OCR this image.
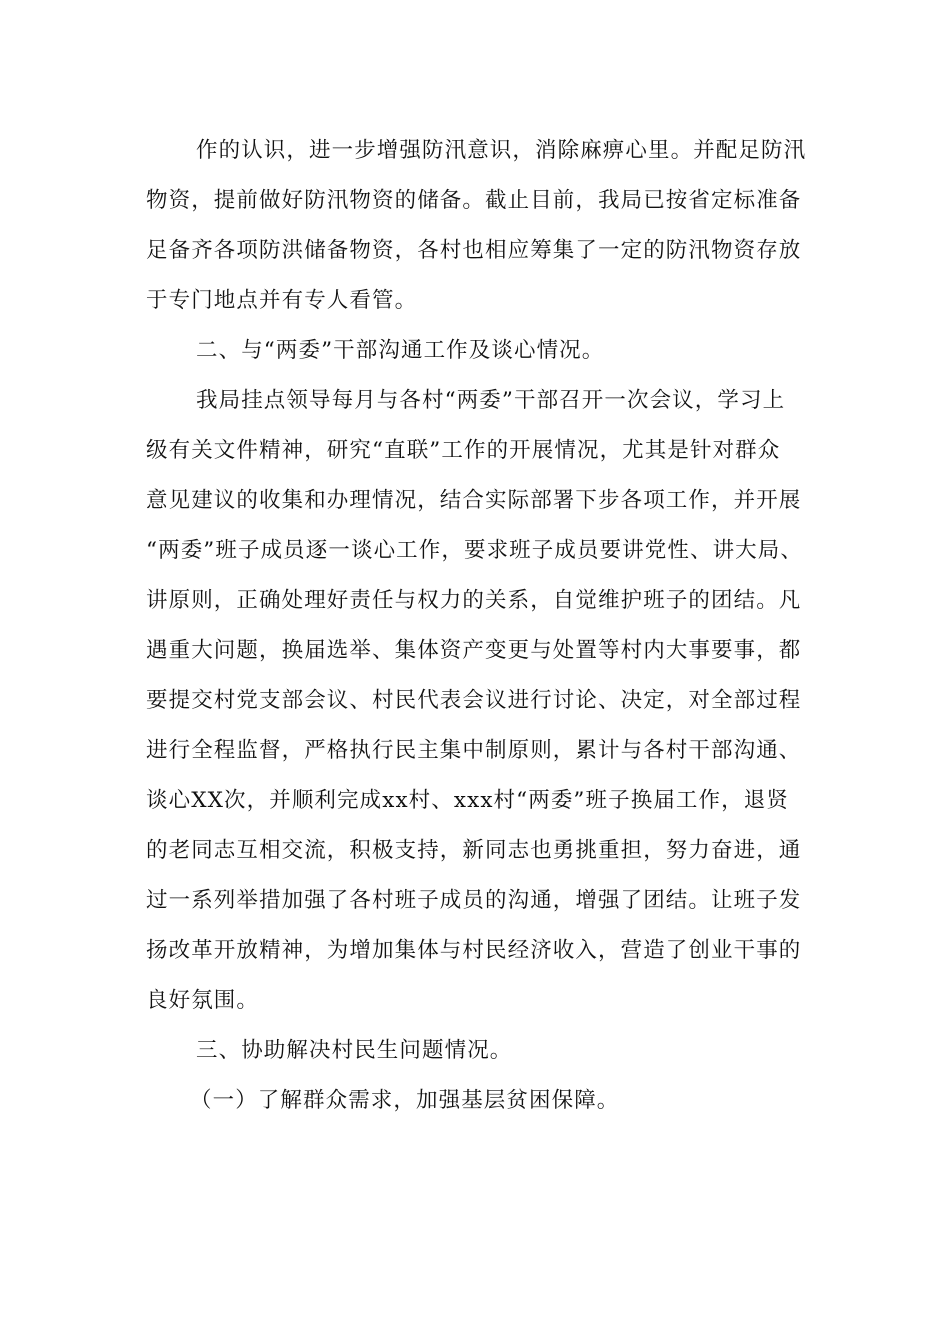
作的认识，进一步增强防汛意识，消除麻痹心里。并配足防汛
物资，提前做好防汛物资的储备。截止目前，我局已按省定标准备
足备齐各项防洪储备物资，各村也相应筹集了一定的防汛物资存放
于专门地点并有专人看管。
二、与“两委”干部沟通工作及谈心情况。
我局挂点领导每月与各村“两委”干部召开一次会议，学习上
级有关文件精神，研究“直联”工作的开展情况，尤其是针对群众
意见建议的收集和办理情况，结合实际部署下步各项工作，并开展
“两委”班子成员逐一谈心工作，要求班子成员要讲党性、讲大局、
讲原则，正确处理好责任与权力的关系，自觉维护班子的团结。凡
遇重大问题，换届选举、集体资产变更与处置等村内大事要事，都
要提交村党支部会议、村民代表会议进行讨论、决定，对全部过程
进行全程监督，严格执行民主集中制原则，累计与各村干部沟通、
谈心XX次，并顺利完成xx村、xxx村“两委”班子换届工作，退贤
的老同志互相交流，积极支持，新同志也勇挑重担，努力奋进，通
过一系列举措加强了各村班子成员的沟通，增强了团结。让班子发
扬改革开放精神，为增加集体与村民经济收入，营造了创业干事的
良好氛围。
三、协助解决村民生问题情况。
（一）了解群众需求，加强基层贫困保障。
